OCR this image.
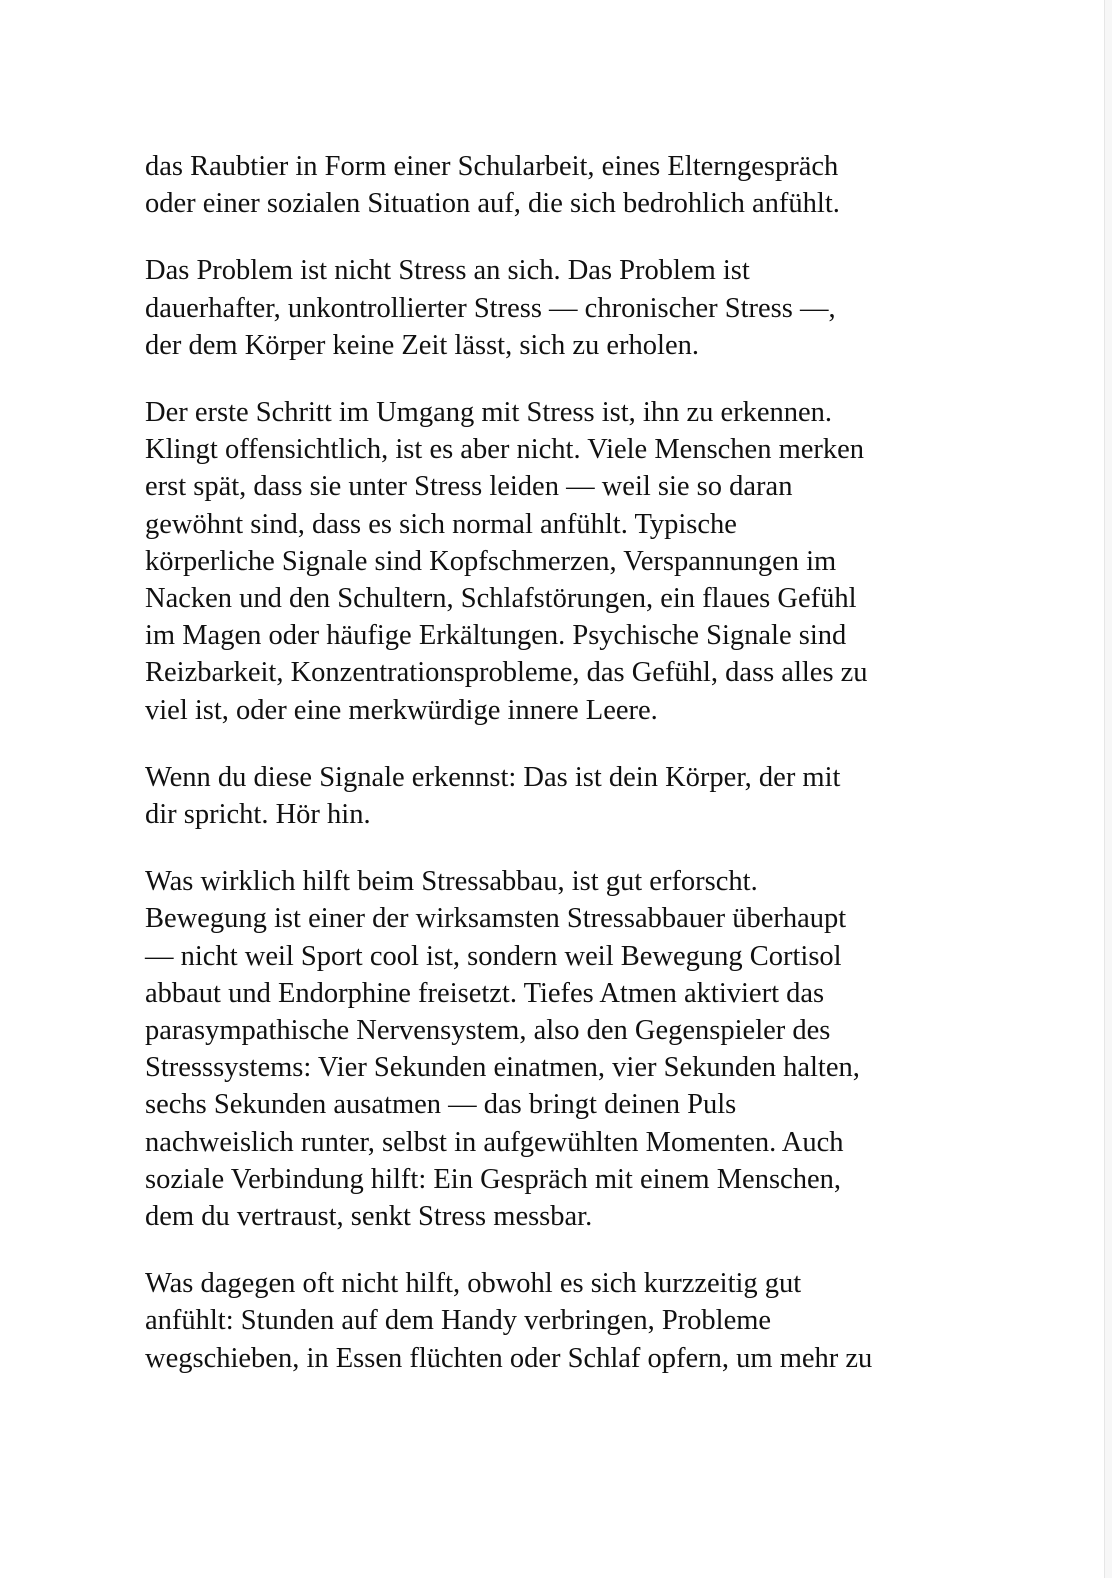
das Raubtier in Form einer Schularbeit, eines Elterngespräch
oder einer sozialen Situation auf, die sich bedrohlich anfühlt.

Das Problem ist nicht Stress an sich. Das Problem ist
dauerhafter, unkontrollierter Stress — chronischer Stress —,
der dem Körper keine Zeit lässt, sich zu erholen.

Der erste Schritt im Umgang mit Stress ist, ihn zu erkennen.
Klingt offensichtlich, ist es aber nicht. Viele Menschen merken
erst spät, dass sie unter Stress leiden — weil sie so daran
gewöhnt sind, dass es sich normal anfühlt. Typische
körperliche Signale sind Kopfschmerzen, Verspannungen im
Nacken und den Schultern, Schlafstörungen, ein flaues Gefühl
im Magen oder häufige Erkältungen. Psychische Signale sind
Reizbarkeit, Konzentrationsprobleme, das Gefühl, dass alles zu
viel ist, oder eine merkwürdige innere Leere.

Wenn du diese Signale erkennst: Das ist dein Körper, der mit
dir spricht. Hör hin.

Was wirklich hilft beim Stressabbau, ist gut erforscht.
Bewegung ist einer der wirksamsten Stressabbauer überhaupt
— nicht weil Sport cool ist, sondern weil Bewegung Cortisol
abbaut und Endorphine freisetzt. Tiefes Atmen aktiviert das
parasympathische Nervensystem, also den Gegenspieler des
Stresssystems: Vier Sekunden einatmen, vier Sekunden halten,
sechs Sekunden ausatmen — das bringt deinen Puls
nachweislich runter, selbst in aufgewühlten Momenten. Auch
soziale Verbindung hilft: Ein Gespräch mit einem Menschen,
dem du vertraust, senkt Stress messbar.

Was dagegen oft nicht hilft, obwohl es sich kurzzeitig gut
anfühlt: Stunden auf dem Handy verbringen, Probleme
wegschieben, in Essen flüchten oder Schlaf opfern, um mehr zu
